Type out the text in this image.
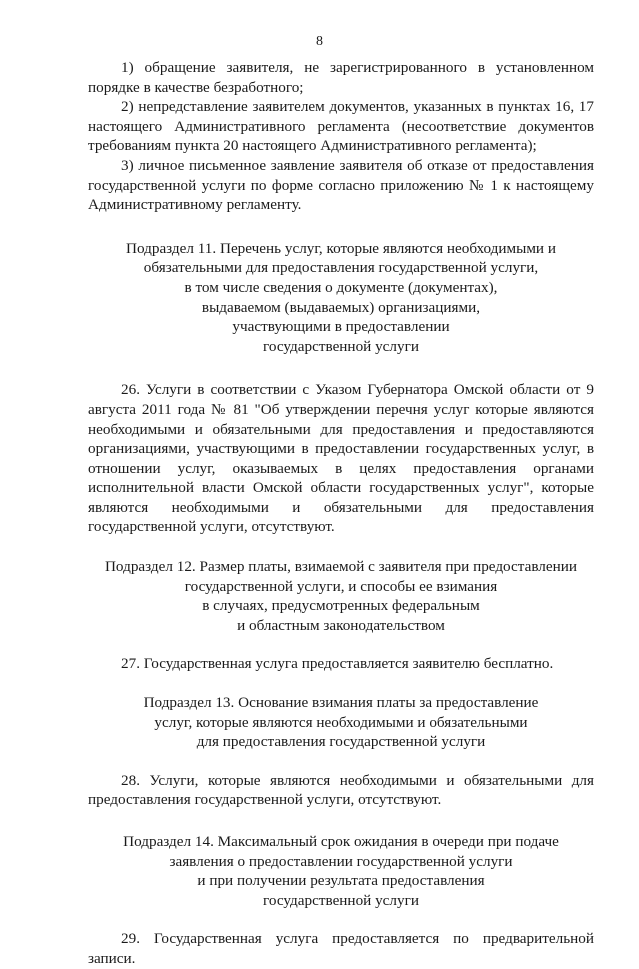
8

1) обращение заявителя, не зарегистрированного в установленном порядке в качестве безработного;

2) непредставление заявителем документов, указанных в пунктах 16, 17 настоящего Административного регламента (несоответствие документов требованиям пункта 20 настоящего Административного регламента);

3) личное письменное заявление заявителя об отказе от предоставления государственной услуги по форме согласно приложению № 1 к настоящему Административному регламенту.

Подраздел 11. Перечень услуг, которые являются необходимыми и
обязательными для предоставления государственной услуги,
в том числе сведения о документе (документах),
выдаваемом (выдаваемых) организациями,
участвующими в предоставлении
государственной услуги

26. Услуги в соответствии с Указом Губернатора Омской области от 9 августа 2011 года № 81 "Об утверждении перечня услуг которые являются необходимыми и обязательными для предоставления и предоставляются организациями, участвующими в предоставлении государственных услуг, в отношении услуг, оказываемых в целях предоставления органами исполнительной власти Омской области государственных услуг", которые являются необходимыми и обязательными для предоставления государственной услуги, отсутствуют.

Подраздел 12. Размер платы, взимаемой с заявителя при предоставлении
государственной услуги, и способы ее взимания
в случаях, предусмотренных федеральным
и областным законодательством

27. Государственная услуга предоставляется заявителю бесплатно.

Подраздел 13. Основание взимания платы за предоставление
услуг, которые являются необходимыми и обязательными
для предоставления государственной услуги

28. Услуги, которые являются необходимыми и обязательными для предоставления государственной услуги, отсутствуют.

Подраздел 14. Максимальный срок ожидания в очереди при подаче
заявления о предоставлении государственной услуги
и при получении результата предоставления
государственной услуги

29. Государственная услуга предоставляется по предварительной записи.
